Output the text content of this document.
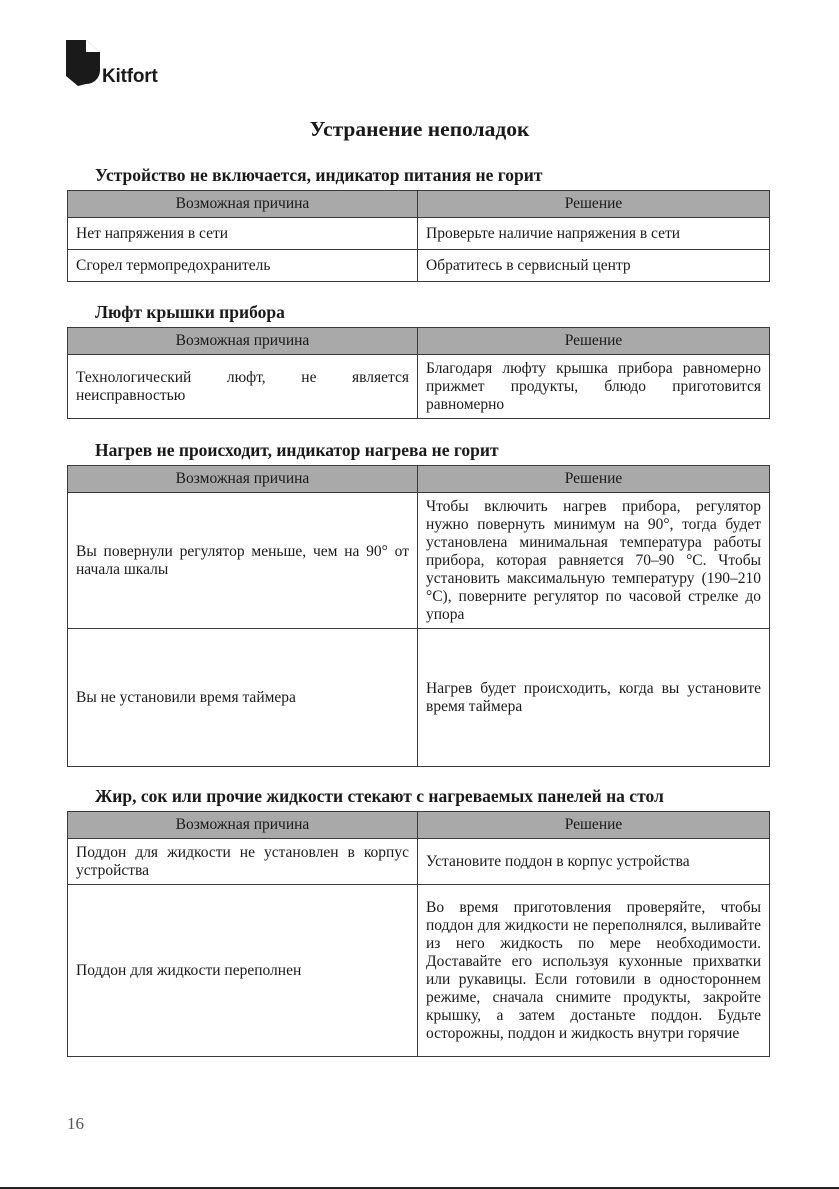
Kitfort
Устранение неполадок
Устройство не включается, индикатор питания не горит
Возможная причина	Решение
Нет напряжения в сети	Проверьте наличие напряжения в сети
Сгорел термопредохранитель	Обратитесь в сервисный центр
Люфт крышки прибора
Возможная причина	Решение
Технологический люфт, не является неисправностью	Благодаря люфту крышка прибора равномерно прижмет продукты, блюдо приготовится равномерно
Нагрев не происходит, индикатор нагрева не горит
Возможная причина	Решение
Вы повернули регулятор меньше, чем на 90° от начала шкалы	Чтобы включить нагрев прибора, регулятор нужно повернуть минимум на 90°, тогда будет установлена минимальная температура работы прибора, которая равняется 70–90 °С. Чтобы установить максимальную температуру (190–210 °С), поверните регулятор по часовой стрелке до упора
Вы не установили время таймера	Нагрев будет происходить, когда вы установите время таймера
Жир, сок или прочие жидкости стекают с нагреваемых панелей на стол
Возможная причина	Решение
Поддон для жидкости не установлен в корпус устройства	Установите поддон в корпус устройства
Поддон для жидкости переполнен	Во время приготовления проверяйте, чтобы поддон для жидкости не переполнялся, выливайте из него жидкость по мере необходимости. Доставайте его используя кухонные прихватки или рукавицы. Если готовили в одностороннем режиме, сначала снимите продукты, закройте крышку, а затем достаньте поддон. Будьте осторожны, поддон и жидкость внутри горячие
16
